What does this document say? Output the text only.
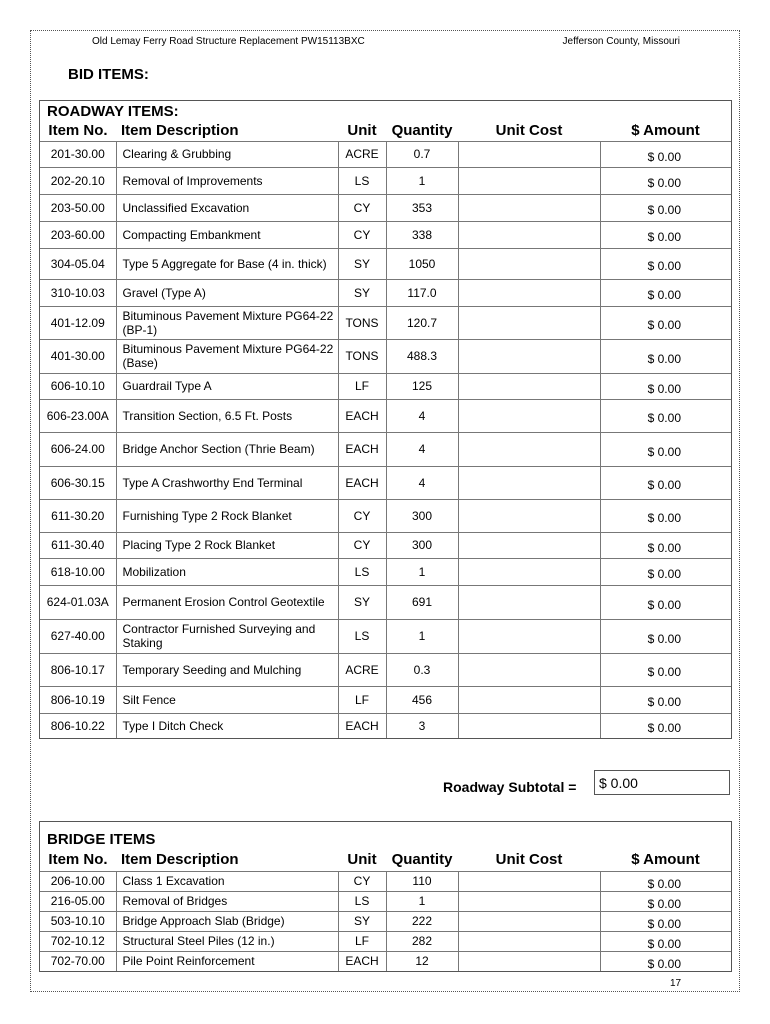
Old Lemay Ferry Road Structure Replacement PW15113BXC	Jefferson County, Missouri
BID ITEMS:
ROADWAY ITEMS:
Item No.	Item Description	Unit	Quantity	Unit Cost	$ Amount
201-30.00	Clearing & Grubbing	ACRE	0.7		$ 0.00
202-20.10	Removal of Improvements	LS	1		$ 0.00
203-50.00	Unclassified Excavation	CY	353		$ 0.00
203-60.00	Compacting Embankment	CY	338		$ 0.00
304-05.04	Type 5 Aggregate for Base (4 in. thick)	SY	1050		$ 0.00
310-10.03	Gravel (Type A)	SY	117.0		$ 0.00
401-12.09	Bituminous Pavement Mixture PG64-22 (BP-1)	TONS	120.7		$ 0.00
401-30.00	Bituminous Pavement Mixture PG64-22 (Base)	TONS	488.3		$ 0.00
606-10.10	Guardrail Type A	LF	125		$ 0.00
606-23.00A	Transition Section, 6.5 Ft. Posts	EACH	4		$ 0.00
606-24.00	Bridge Anchor Section (Thrie Beam)	EACH	4		$ 0.00
606-30.15	Type A Crashworthy End Terminal	EACH	4		$ 0.00
611-30.20	Furnishing Type 2 Rock Blanket	CY	300		$ 0.00
611-30.40	Placing Type 2 Rock Blanket	CY	300		$ 0.00
618-10.00	Mobilization	LS	1		$ 0.00
624-01.03A	Permanent Erosion Control Geotextile	SY	691		$ 0.00
627-40.00	Contractor Furnished Surveying and Staking	LS	1		$ 0.00
806-10.17	Temporary Seeding and Mulching	ACRE	0.3		$ 0.00
806-10.19	Silt Fence	LF	456		$ 0.00
806-10.22	Type I Ditch Check	EACH	3		$ 0.00
Roadway Subtotal =	$ 0.00
BRIDGE ITEMS
Item No.	Item Description	Unit	Quantity	Unit Cost	$ Amount
206-10.00	Class 1 Excavation	CY	110		$ 0.00
216-05.00	Removal of Bridges	LS	1		$ 0.00
503-10.10	Bridge Approach Slab (Bridge)	SY	222		$ 0.00
702-10.12	Structural Steel Piles (12 in.)	LF	282		$ 0.00
702-70.00	Pile Point Reinforcement	EACH	12		$ 0.00
17
